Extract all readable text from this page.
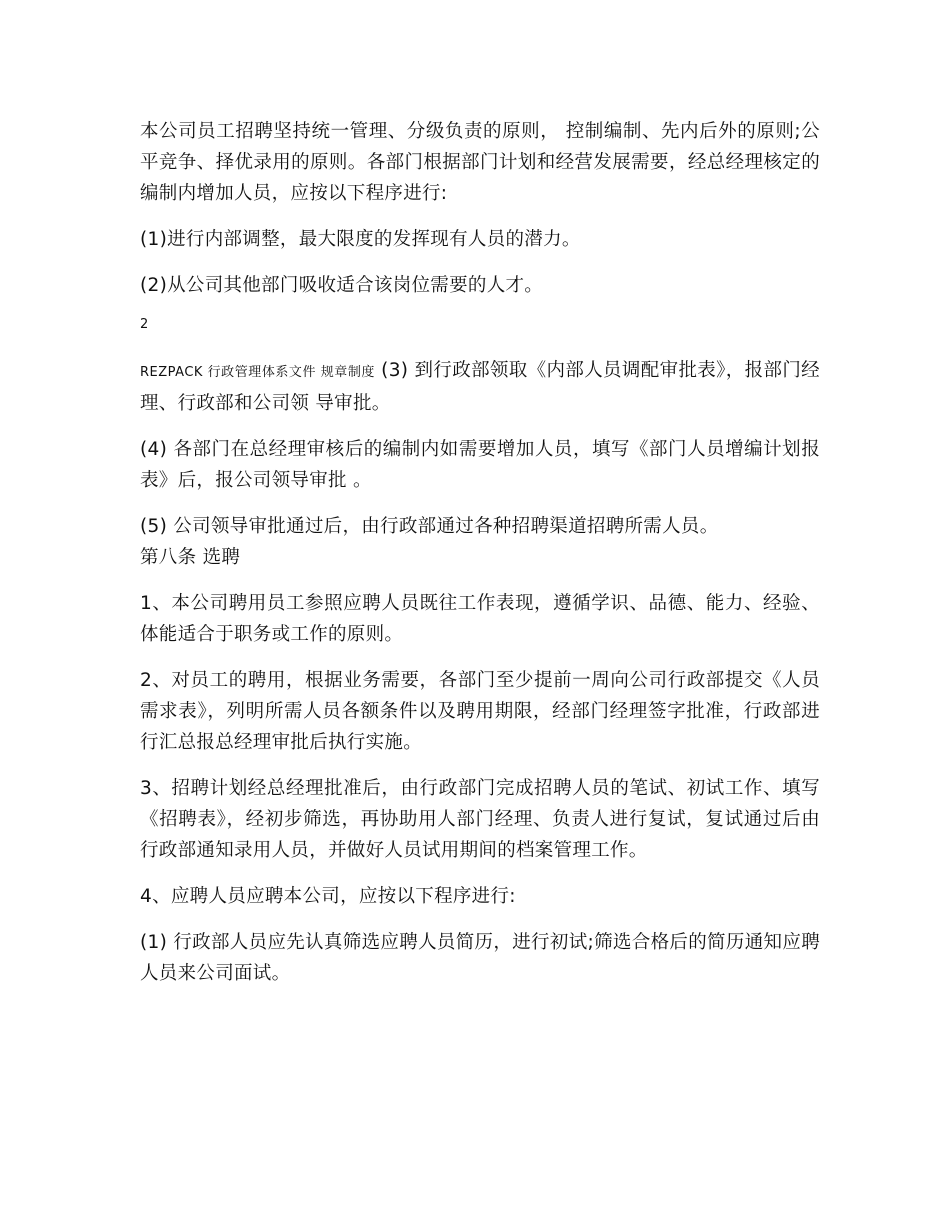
本公司员工招聘坚持统一管理、分级负责的原则， 控制编制、先内后外的原则;公平竞争、择优录用的原则。各部门根据部门计划和经营发展需要，经总经理核定的编制内增加人员，应按以下程序进行:

(1)进行内部调整，最大限度的发挥现有人员的潜力。

(2)从公司其他部门吸收适合该岗位需要的人才。

2

REZPACK 行政管理体系文件 规章制度 (3) 到行政部领取《内部人员调配审批表》，报部门经理、行政部和公司领 导审批。

(4) 各部门在总经理审核后的编制内如需要增加人员，填写《部门人员增编计划报表》后，报公司领导审批 。

(5) 公司领导审批通过后，由行政部通过各种招聘渠道招聘所需人员。

第八条 选聘

1、本公司聘用员工参照应聘人员既往工作表现，遵循学识、品德、能力、经验、体能适合于职务或工作的原则。

2、对员工的聘用，根据业务需要，各部门至少提前一周向公司行政部提交《人员需求表》，列明所需人员各额条件以及聘用期限，经部门经理签字批准，行政部进行汇总报总经理审批后执行实施。

3、招聘计划经总经理批准后，由行政部门完成招聘人员的笔试、初试工作、填写《招聘表》，经初步筛选，再协助用人部门经理、负责人进行复试，复试通过后由行政部通知录用人员，并做好人员试用期间的档案管理工作。

4、应聘人员应聘本公司，应按以下程序进行:

(1) 行政部人员应先认真筛选应聘人员简历，进行初试;筛选合格后的简历通知应聘人员来公司面试。
